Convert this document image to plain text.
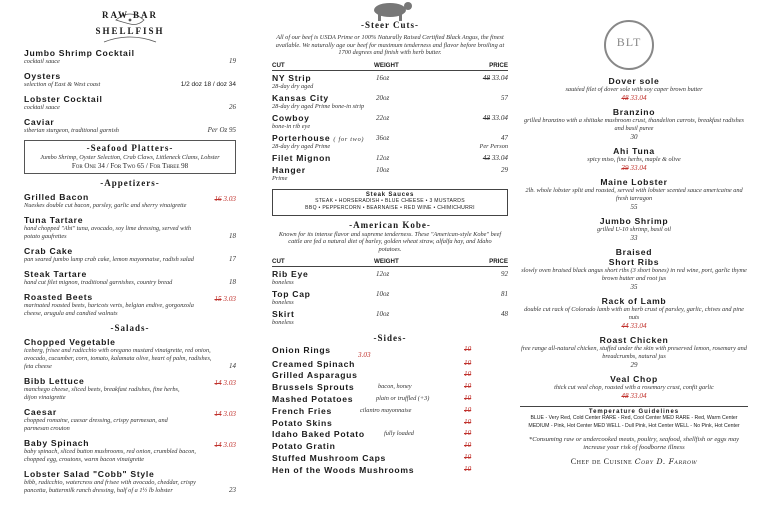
RAW BAR
SHELLFISH
Jumbo Shrimp Cocktail
cocktail sauce	19
Oysters
selection of East & West coast	1/2 doz 18 / doz 34
Lobster Cocktail
cocktail sauce	26
Caviar
siberian sturgeon, traditional garnish	Per Oz 95
-Seafood Platters-
Jumbo Shrimp, Oyster Selection, Crab Claws, Littleneck Clams, Lobster
For One 34 / For Two 65 / For Three 98
-Appetizers-
Grilled Bacon
Nueskes double cut bacon, parsley, garlic and sherry vinaigrette
16 3.03
Tuna Tartare
hand chopped "Ahi" tuna, avocado, soy lime dressing, served with potato gaufrettes	18
Crab Cake
pan seared jumbo lump crab cake, lemon mayonnaise, radish salad	17
Steak Tartare
hand cut filet mignon, traditional garnishes, country bread	18
Roasted Beets
marinated roasted beets, haricots verts, belgian endive, gorgonzola cheese, arugula and candied walnuts
15 3.03
-Salads-
Chopped Vegetable
iceberg, frisee and radicchio with oregano mustard vinaigrette, red onion, avocado, cucumber, corn, tomato, kalamata olive, heart of palm, radishes, feta cheese	14
Bibb Lettuce
manchego cheese, sliced beets, breakfast radishes, fine herbs, dijon vinaigrette
14 3.03
Caesar
chopped romaine, caesar dressing, crispy parmesan, and parmesan crouton
14 3.03
Baby Spinach
baby spinach, sliced button mushrooms, red onion, crumbled bacon, chopped egg, croutons, warm bacon vinaigrette
14 3.03
Lobster Salad "Cobb" Style
bibb, radicchio, watercress and frisee with avocado, cheddar, crispy pancetta, buttermilk ranch dressing, half of a 1½ lb lobster	23
-Steer Cuts-
All of our beef is USDA Prime or 100% Naturally Raised Certified Black Angus, the finest available. We naturally age our beef for maximum tenderness and flavor before broiling at 1700 degrees and finish with herb butter.
CUT	WEIGHT	PRICE
NY Strip
28-day dry aged
16oz	48 33.04
Kansas City
28-day dry aged Prime bone-in strip
20oz	57
Cowboy
bone-in rib eye
22oz	48 33.04
Porterhouse ( for two)
28-day dry aged Prime
36oz	47
Per Person
Filet Mignon	12oz	43 33.04
Hanger
Prime
10oz	29
Steak Sauces
STEAK • HORSERADISH • BLUE CHEESE • 3 MUSTARDS
BBQ • PEPPERCORN • BEARNAISE • RED WINE • CHIMICHURRI
-American Kobe-
Known for its intense flavor and supreme tenderness. These "American-style Kobe" beef cattle are fed a natural diet of barley, golden wheat straw, alfalfa hay, and Idaho potatoes.
CUT	WEIGHT	PRICE
Rib Eye
boneless
12oz	92
Top Cap
boneless
10oz	81
Skirt
boneless
10oz	48
-Sides-
Onion Rings	10
3.03
Creamed Spinach	10
Grilled Asparagus	10
Brussels Sprouts	bacon, honey	10
Mashed Potatoes	plain or truffled (+3)	10
French Fries	cilantro mayonnaise	10
Potato Skins	10
Idaho Baked Potato	fully loaded	10
Potato Gratin	10
Stuffed Mushroom Caps	10
Hen of the Woods Mushrooms	10
BLT
Dover sole
sautéed filet of dover sole with soy caper brown butter
48 33.04
Branzino
grilled branzino with a shiitake mushroom crust, thandelion carrots, breakfast radishes and basil puree
30
Ahi Tuna
spicy miso, fine herbs, maple & olive
39 33.04
Maine Lobster
2lb. whole lobster split and roasted, served with lobster scented sauce americaine and fresh tarragon
55
Jumbo Shrimp
grilled U-10 shrimp, basil oil
33
Braised Short Ribs
slowly oven braised black angus short ribs (3 short bones) in red wine, port, garlic thyme brown butter and root jus
35
Rack of Lamb
double cut rack of Colorado lamb with an herb crust of parsley, garlic, chives and pine nuts
44 33.04
Roast Chicken
free range all-natural chicken, stuffed under the skin with preserved lemon, rosemary and breadcrumbs, natural jus
29
Veal Chop
thick cut veal chop, roasted with a rosemary crust, confit garlic
48 33.04
Temperature Guidelines
BLUE - Very Red, Cold Center RARE - Red, Cool Center MED RARE - Red, Warm Center
MEDIUM - Pink, Hot Center MED WELL - Dull Pink, Hot Center WELL - No Pink, Hot Center
*Consuming raw or undercooked meats, poultry, seafood, shellfish or eggs may increase your risk of foodborne illness
Chef de Cuisine Coby D. Farrow
